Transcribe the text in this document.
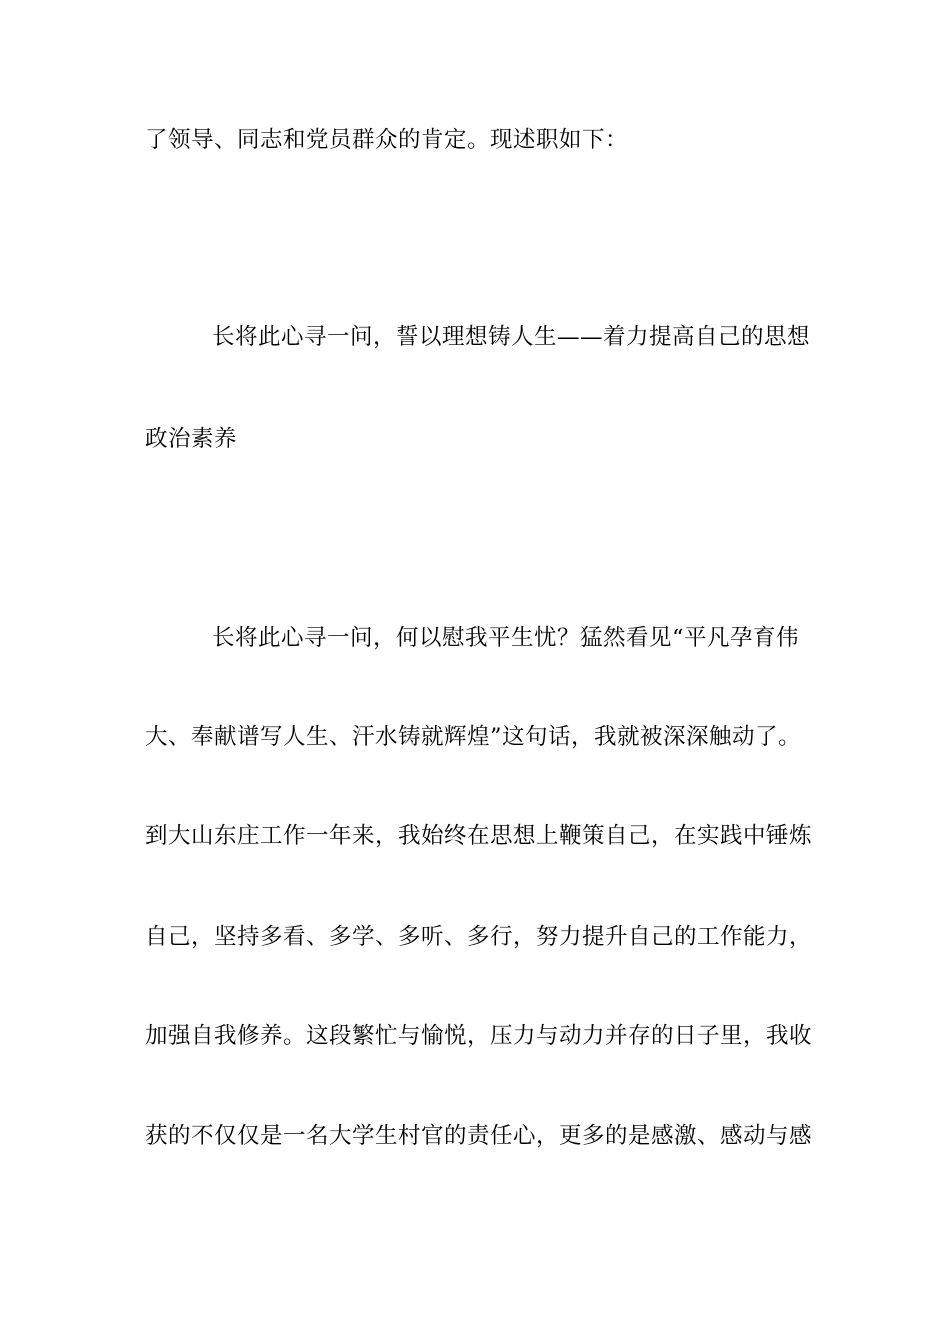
了领导、同志和党员群众的肯定。现述职如下：
长将此心寻一问，誓以理想铸人生——着力提高自己的思想
政治素养
长将此心寻一问，何以慰我平生忧？猛然看见“平凡孕育伟
大、奉献谱写人生、汗水铸就辉煌”这句话，我就被深深触动了。
到大山东庄工作一年来，我始终在思想上鞭策自己，在实践中锤炼
自己，坚持多看、多学、多听、多行，努力提升自己的工作能力，
加强自我修养。这段繁忙与愉悦，压力与动力并存的日子里，我收
获的不仅仅是一名大学生村官的责任心，更多的是感激、感动与感
